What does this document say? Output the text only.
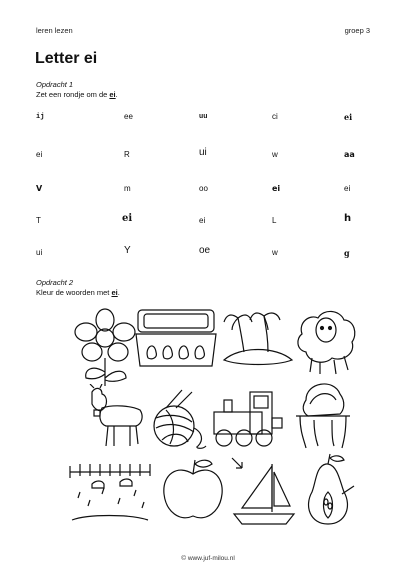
leren lezen	groep 3
Letter ei
Opdracht 1
Zet een rondje om de ei.
ij	ee	uu	ci	ei
ei	R	ui	w	aa
V	m	oo	ei	ei
T	ei	ei	L	h
ui	Y	oe	w	g
Opdracht 2
Kleur de woorden met ei.
© www.juf-milou.nl
